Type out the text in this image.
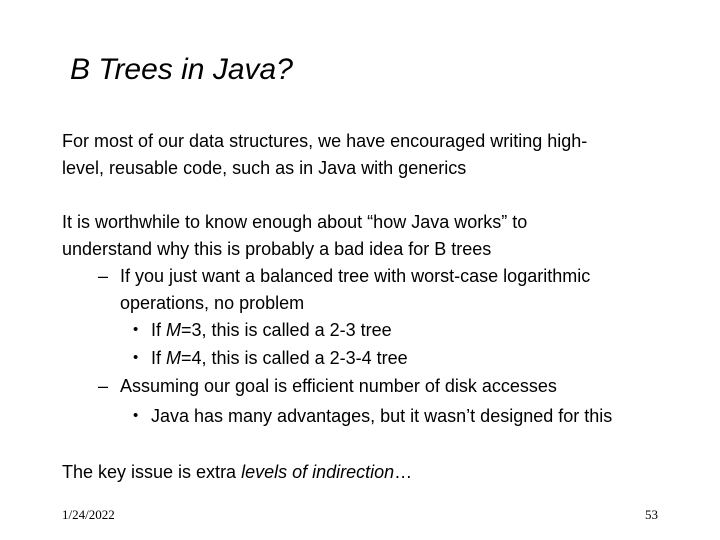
B Trees in Java?
For most of our data structures, we have encouraged writing high-
level, reusable code, such as in Java with generics
It is worthwhile to know enough about “how Java works” to
understand why this is probably a bad idea for B trees
– If you just want a balanced tree with worst-case logarithmic
operations, no problem
• If M=3, this is called a 2-3 tree
• If M=4, this is called a 2-3-4 tree
– Assuming our goal is efficient number of disk accesses
• Java has many advantages, but it wasn’t designed for this
The key issue is extra levels of indirection…
1/24/2022	53
